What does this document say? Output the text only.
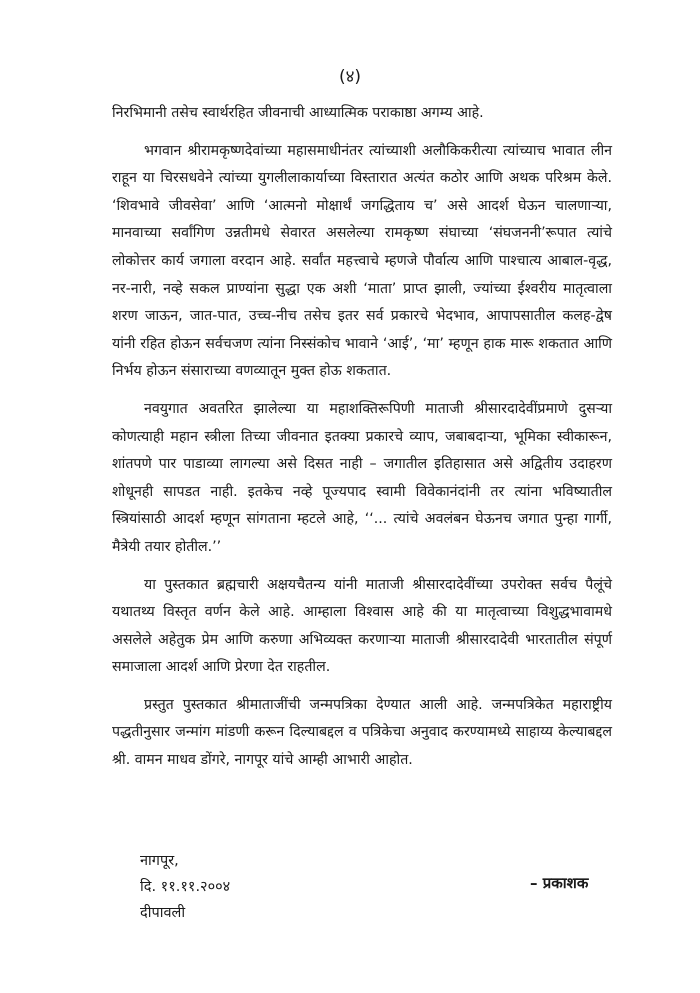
(४)

निरभिमानी तसेच स्वार्थरहित जीवनाची आध्यात्मिक पराकाष्ठा अगम्य आहे.

भगवान श्रीरामकृष्णदेवांच्या महासमाधीनंतर त्यांच्याशी अलौकिकरीत्या त्यांच्याच भावात लीन राहून या चिरसधवेने त्यांच्या युगलीलाकार्याच्या विस्तारात अत्यंत कठोर आणि अथक परिश्रम केले. ‘शिवभावे जीवसेवा’ आणि ‘आत्मनो मोक्षार्थं जगद्धिताय च’ असे आदर्श घेऊन चालणाऱ्या, मानवाच्या सर्वांगिण उन्नतीमधे सेवारत असलेल्या रामकृष्ण संघाच्या ‘संघजननी’रूपात त्यांचे लोकोत्तर कार्य जगाला वरदान आहे. सर्वांत महत्त्वाचे म्हणजे पौर्वात्य आणि पाश्चात्य आबाल-वृद्ध, नर-नारी, नव्हे सकल प्राण्यांना सुद्धा एक अशी ‘माता’ प्राप्त झाली, ज्यांच्या ईश्वरीय मातृत्वाला शरण जाऊन, जात-पात, उच्च-नीच तसेच इतर सर्व प्रकारचे भेदभाव, आपापसातील कलह-द्वेष यांनी रहित होऊन सर्वचजण त्यांना निस्संकोच भावाने ‘आई’, ‘मा’ म्हणून हाक मारू शकतात आणि निर्भय होऊन संसाराच्या वणव्यातून मुक्त होऊ शकतात.

नवयुगात अवतरित झालेल्या या महाशक्तिरूपिणी माताजी श्रीसारदादेवींप्रमाणे दुसऱ्या कोणत्याही महान स्त्रीला तिच्या जीवनात इतक्या प्रकारचे व्याप, जबाबदाऱ्या, भूमिका स्वीकारून, शांतपणे पार पाडाव्या लागल्या असे दिसत नाही – जगातील इतिहासात असे अद्वितीय उदाहरण शोधूनही सापडत नाही. इतकेच नव्हे पूज्यपाद स्वामी विवेकानंदांनी तर त्यांना भविष्यातील स्त्रियांसाठी आदर्श म्हणून सांगताना म्हटले आहे, ‘‘... त्यांचे अवलंबन घेऊनच जगात पुन्हा गार्गी, मैत्रेयी तयार होतील.’’

या पुस्तकात ब्रह्मचारी अक्षयचैतन्य यांनी माताजी श्रीसारदादेवींच्या उपरोक्त सर्वच पैलूंचे यथातथ्य विस्तृत वर्णन केले आहे. आम्हाला विश्वास आहे की या मातृत्वाच्या विशुद्धभावामधे असलेले अहेतुक प्रेम आणि करुणा अभिव्यक्त करणाऱ्या माताजी श्रीसारदादेवी भारतातील संपूर्ण समाजाला आदर्श आणि प्रेरणा देत राहतील.

प्रस्तुत पुस्तकात श्रीमाताजींची जन्मपत्रिका देण्यात आली आहे. जन्मपत्रिकेत महाराष्ट्रीय पद्धतीनुसार जन्मांग मांडणी करून दिल्याबद्दल व पत्रिकेचा अनुवाद करण्यामध्ये साहाय्य केल्याबद्दल श्री. वामन माधव डोंगरे, नागपूर यांचे आम्ही आभारी आहोत.

नागपूर,
दि. ११.११.२००४
दीपावली
– प्रकाशक
